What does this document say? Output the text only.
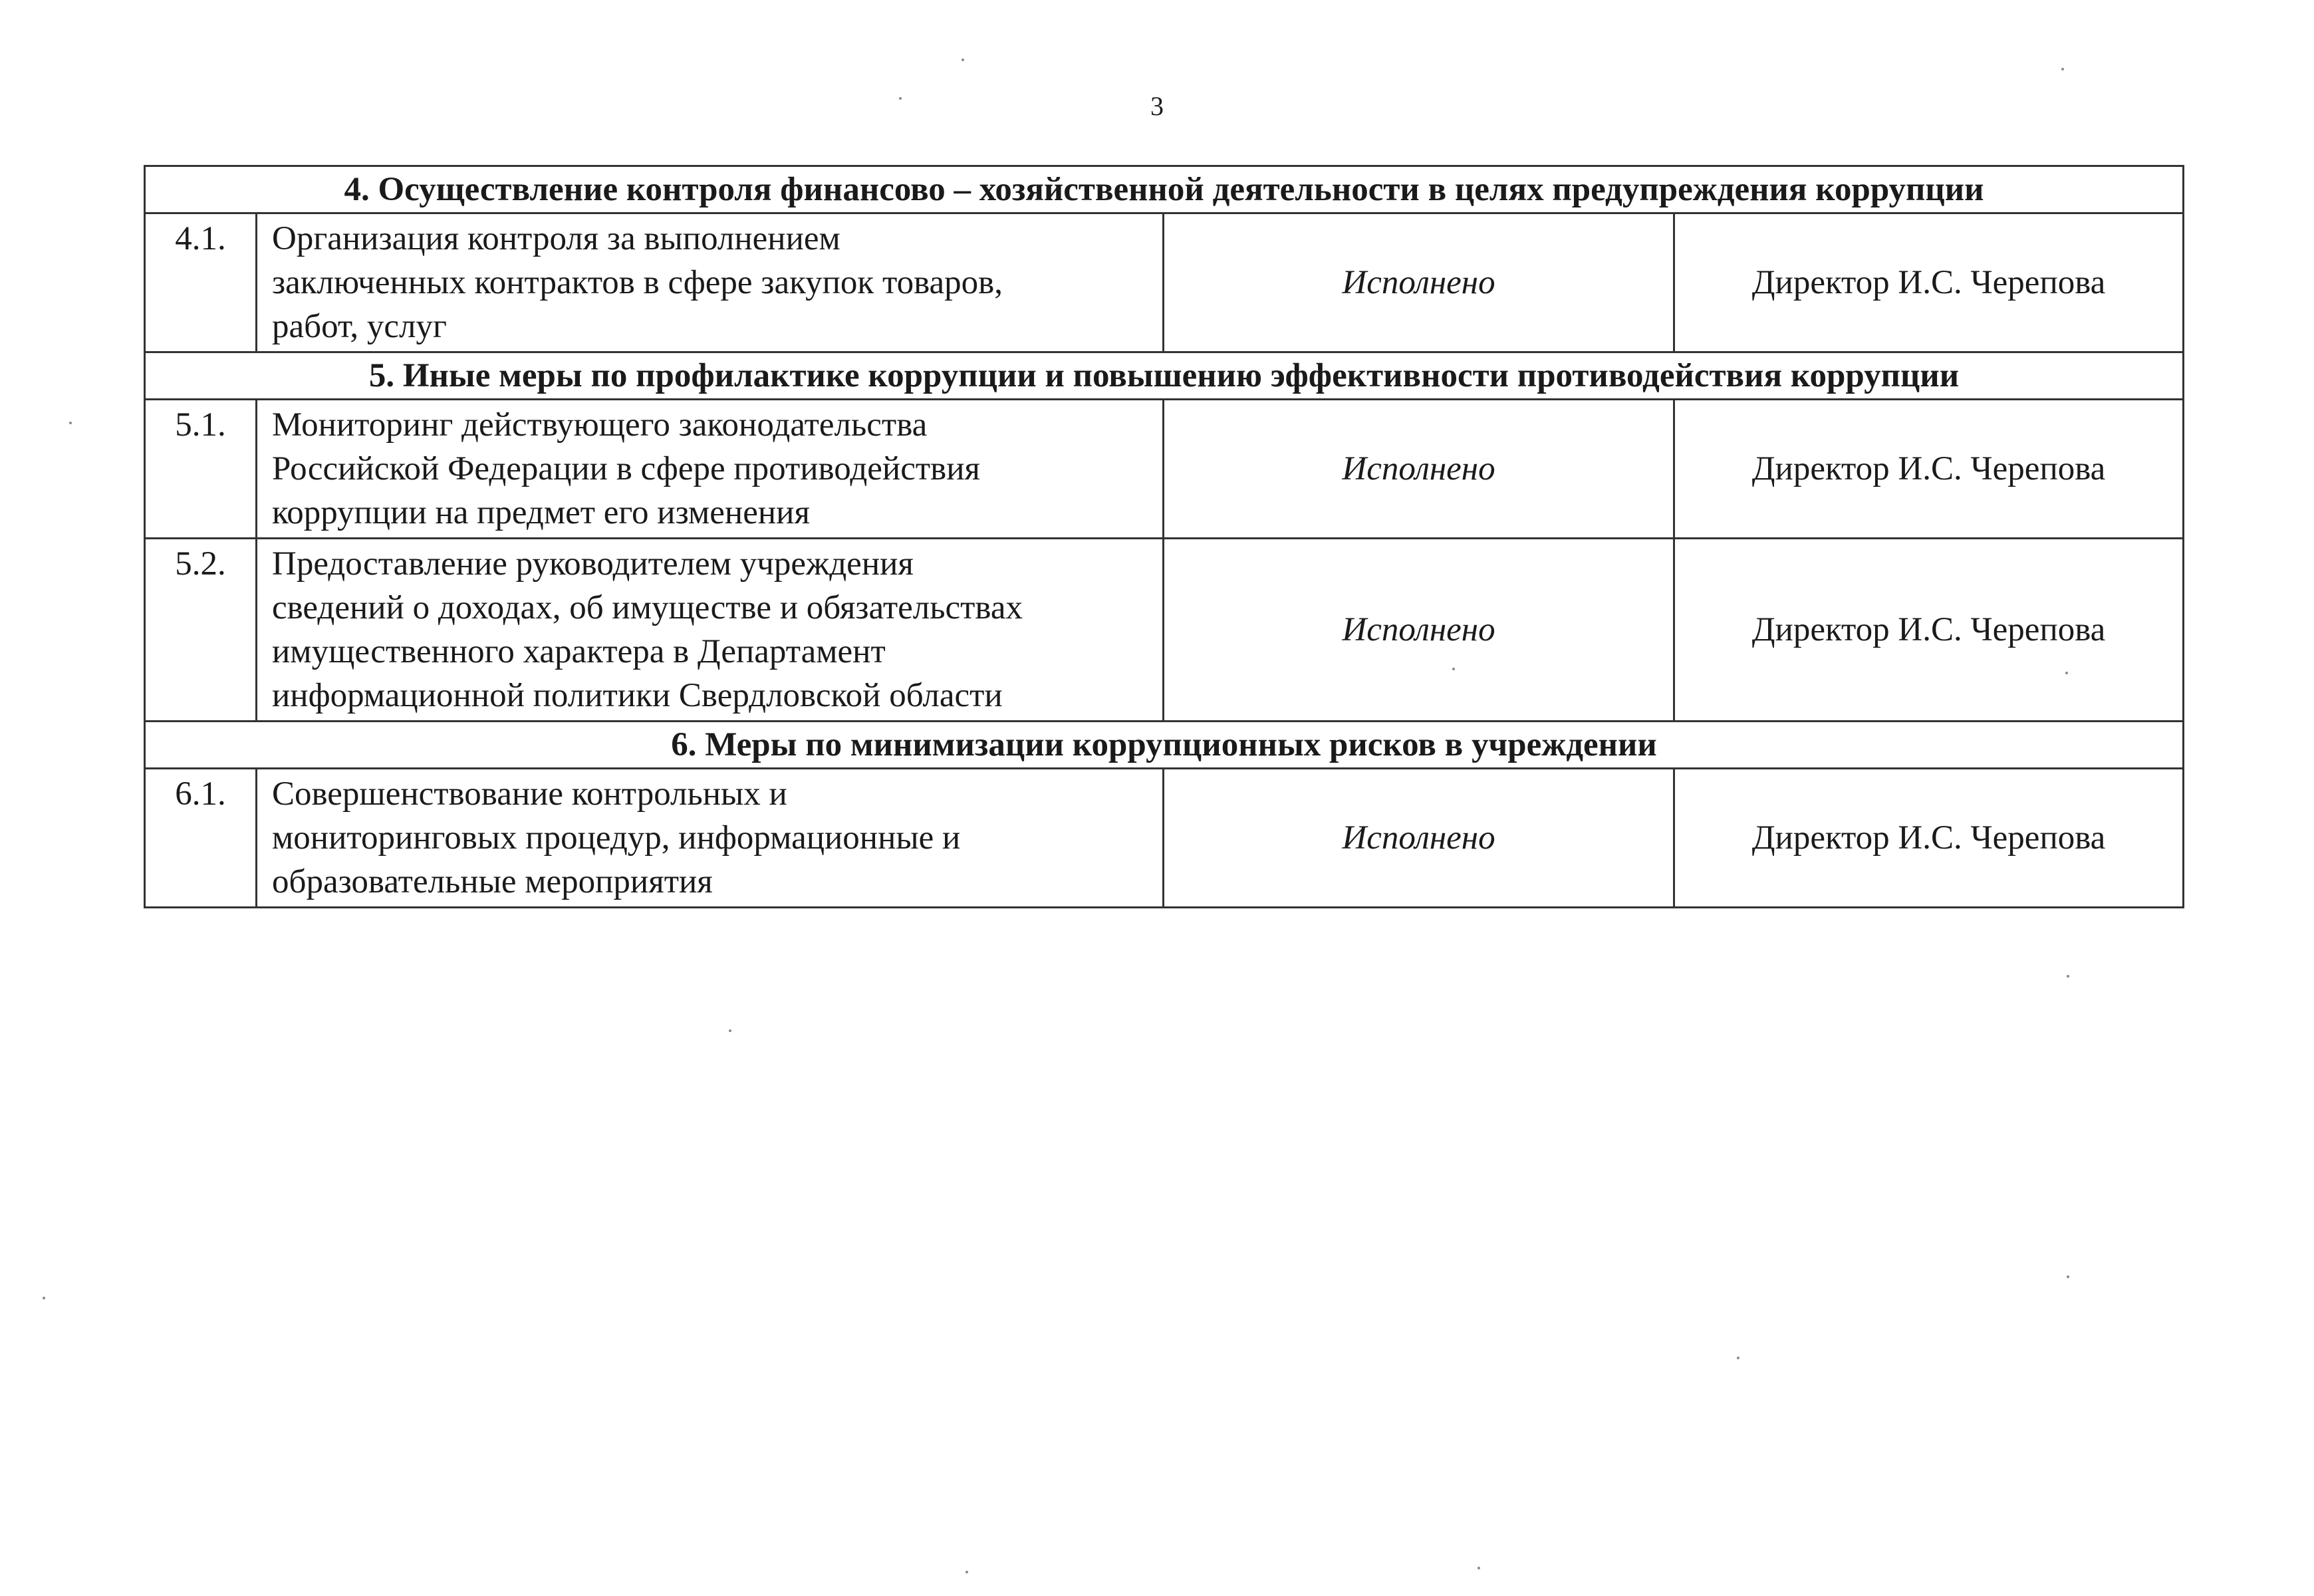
3
4. Осуществление контроля финансово – хозяйственной деятельности в целях предупреждения коррупции			
4.1.	Организация контроля за выполнением
заключенных контрактов в сфере закупок товаров,
работ, услуг	Исполнено	Директор И.С. Черепова
5. Иные меры по профилактике коррупции и повышению эффективности противодействия коррупции			
5.1.	Мониторинг действующего законодательства
Российской Федерации в сфере противодействия
коррупции на предмет его изменения	Исполнено	Директор И.С. Черепова
5.2.	Предоставление руководителем учреждения
сведений о доходах, об имуществе и обязательствах
имущественного характера в Департамент
информационной политики Свердловской области	Исполнено	Директор И.С. Черепова
6. Меры по минимизации коррупционных рисков в учреждении			
6.1.	Совершенствование контрольных и
мониторинговых процедур, информационные и
образовательные мероприятия	Исполнено	Директор И.С. Черепова
